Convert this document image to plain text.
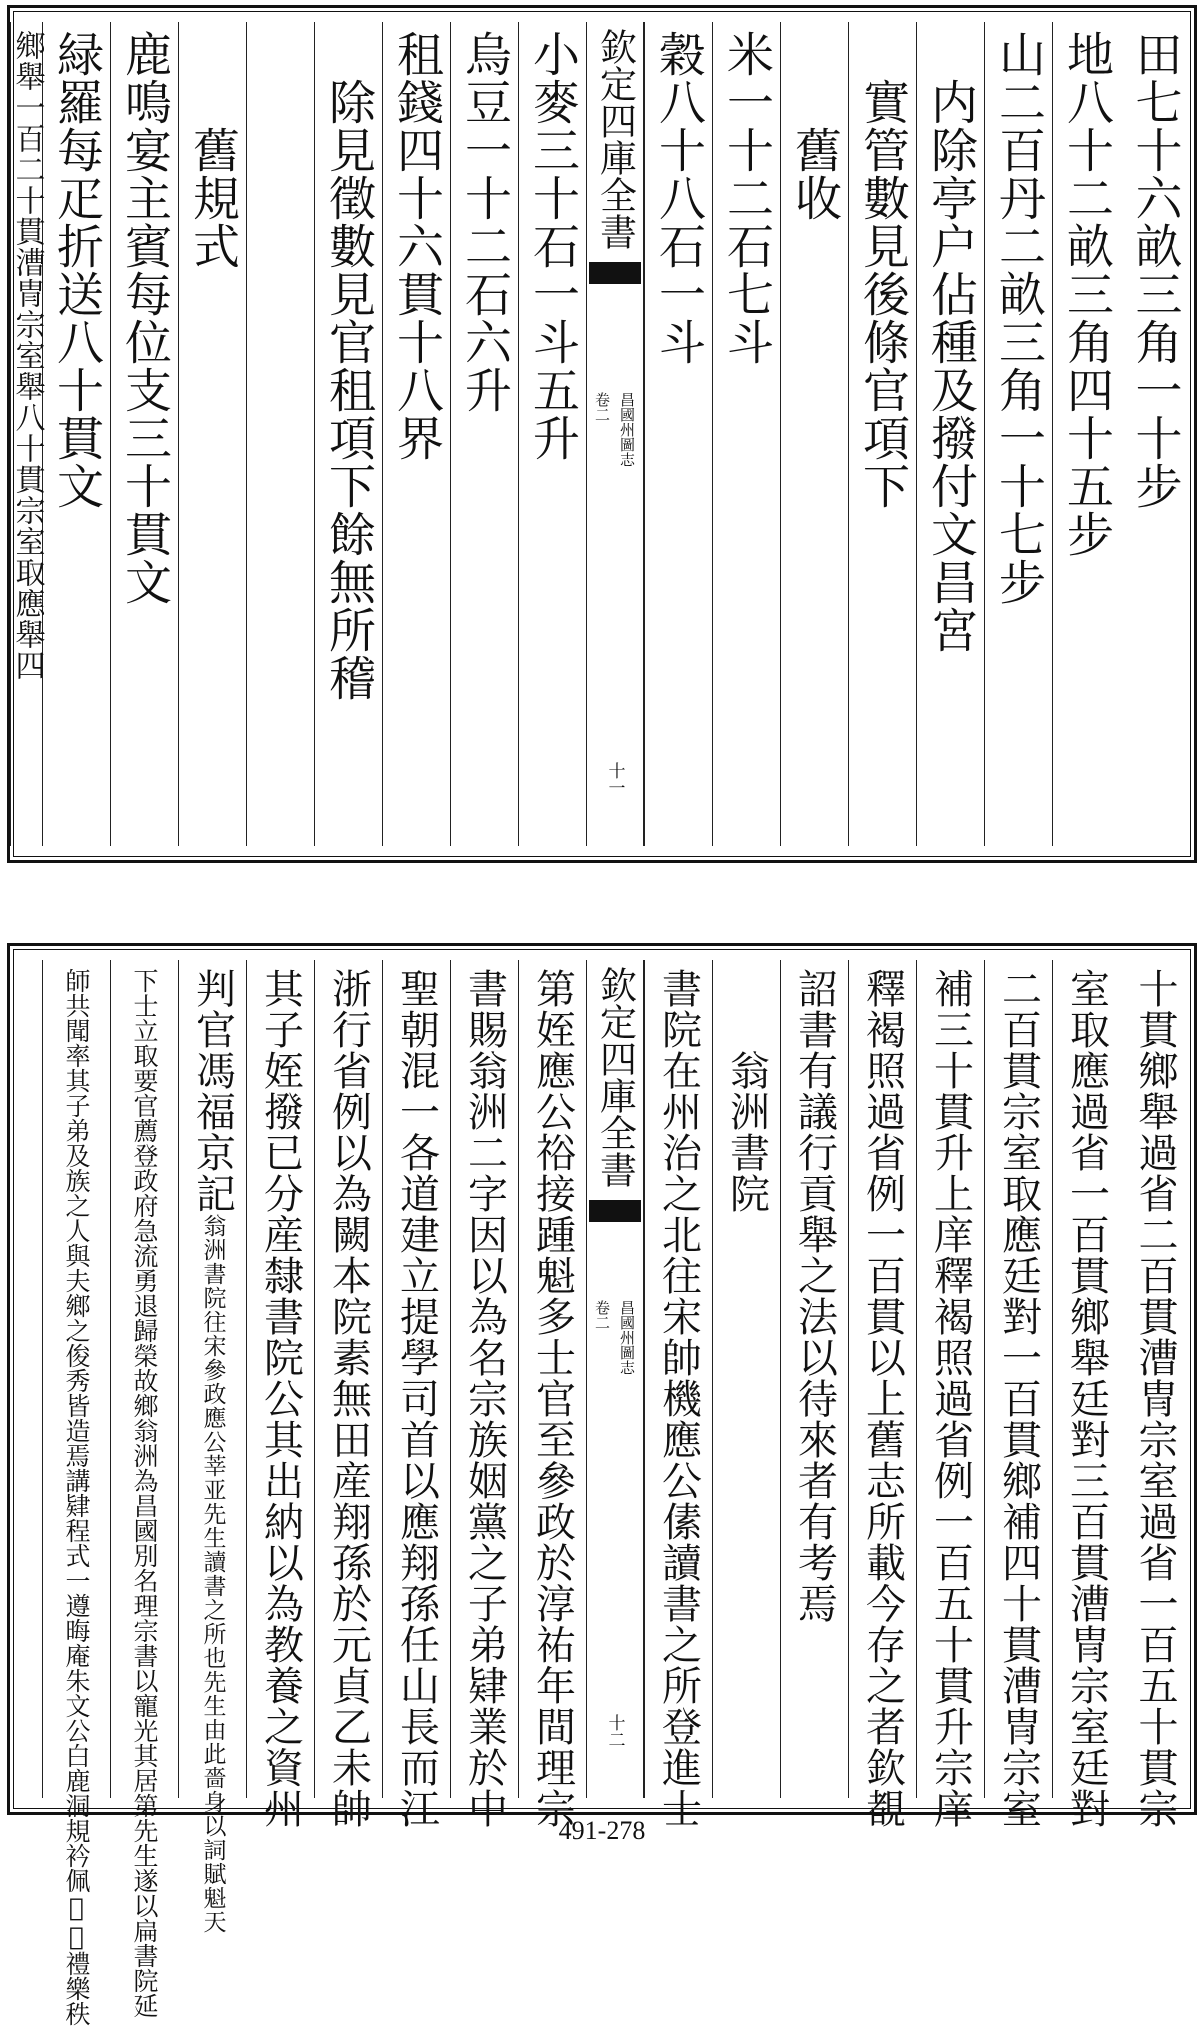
田七十六畝三角一十步
地八十二畝三角四十五步
山二百丹二畝三角一十七步
　内除亭户佔種及撥付文昌宮
　實管數見後條官項下
　　舊收
米一十二石七斗
穀八十八石一斗
欽定四庫全書
昌國州圖志
卷二
十一
小麥三十石一斗五升
烏豆一十二石六升
租錢四十六貫十八界
　除見徵數見官租項下餘無所稽
　　舊規式
鹿鳴宴主賓每位支三十貫文
緑羅每疋折送八十貫文
鄉舉一百二十貫漕冑宗室舉八十貫宗室取應舉四
十貫鄉舉過省二百貫漕冑宗室過省一百五十貫宗
室取應過省一百貫鄉舉廷對三百貫漕冑宗室廷對
二百貫宗室取應廷對一百貫鄉補四十貫漕冑宗室
補三十貫升上庠釋褐照過省例一百五十貫升宗庠
釋褐照過省例一百貫以上舊志所載今存之者欽覩
詔書有議行貢舉之法以待來者有考焉
　　翁洲書院
書院在州治之北往宋帥機應公傃讀書之所登進士
欽定四庫全書
昌國州圖志
卷二
十二
第姪應公𥙿接踵魁多士官至參政於淳祐年間理宗
書賜翁洲二字因以為名宗族姻黨之子弟肄業於中
聖朝混一各道建立提學司首以應翔孫任山長而江
浙行省例以為闕本院素無田産翔孫於元貞乙未帥
其子姪撥已分産隸書院公其出納以為教養之資州
判官馮福京記翁洲書院往宋參政應公莘亚先生讀書之所也先生由此嗇身以詞賦魁天
下士立取要官薦登政府急流勇退歸榮故鄉翁洲為昌國別名理宗書以寵光其居第先生遂以扁書院延
師共聞率其子弟及族之人與夫鄉之俊秀皆造焉講肄程式一遵晦庵朱文公白鹿洞規衿佩𫘲𫘲禮樂秩	491-278
